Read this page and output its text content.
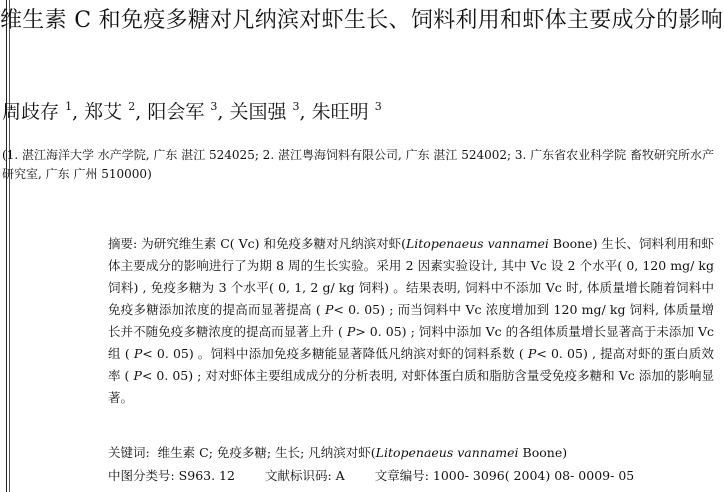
维生素 C 和免疫多糖对凡纳滨对虾生长、饲料利用和虾体主要成分的影响
周歧存 $^1$, 郑艾 $^2$, 阳会军 $^3$, 关国强 $^3$, 朱旺明 $^3$
(1. 湛江海洋大学 水产学院, 广东 湛江 524025; 2. 湛江粤海饲料有限公司, 广东 湛江 524002; 3. 广东省农业科学院 畜牧研究所水产研究室, 广东 广州 510000)
摘要: 为研究维生素 C( Vc) 和免疫多糖对凡纳滨对虾(Litopenaeus vannamei Boone) 生长、饲料利用和虾体主要成分的影响进行了为期 8 周的生长实验。采用 2 因素实验设计, 其中 Vc 设 2 个水平( 0, 120 mg/ kg 饲料) , 免疫多糖为 3 个水平( 0, 1, 2 g/ kg 饲料) 。结果表明, 饲料中不添加 Vc 时, 体质量增长随着饲料中免疫多糖添加浓度的提高而显著提高 ( P< 0. 05) ; 而当饲料中 Vc 浓度增加到 120 mg/ kg 饲料, 体质量增长并不随免疫多糖浓度的提高而显著上升 ( P> 0. 05) ; 饲料中添加 Vc 的各组体质量增长显著高于未添加 Vc 组 ( P< 0. 05) 。饲料中添加免疫多糖能显著降低凡纳滨对虾的饲料系数 ( P< 0. 05) , 提高对虾的蛋白质效率 ( P< 0. 05) ; 对对虾体主要组成成分的分析表明, 对虾体蛋白质和脂肪含量受免疫多糖和 Vc 添加的影响显著。
关键词: 维生素 C; 免疫多糖; 生长; 凡纳滨对虾(Litopenaeus vannamei Boone)
中图分类号: S963. 12 文献标识码: A 文章编号: 1000- 3096( 2004) 08- 0009- 05
